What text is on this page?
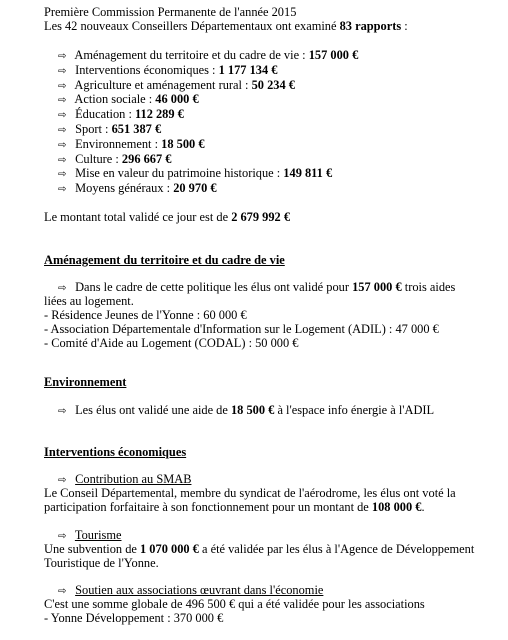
Première Commission Permanente de l'année 2015
Les 42 nouveaux Conseillers Départementaux ont examiné 83 rapports :
⇨ Aménagement du territoire et du cadre de vie : 157 000 €
⇨ Interventions économiques : 1 177 134 €
⇨ Agriculture et aménagement rural : 50 234 €
⇨ Action sociale : 46 000 €
⇨ Éducation : 112 289 €
⇨ Sport : 651 387 €
⇨ Environnement : 18 500 €
⇨ Culture : 296 667 €
⇨ Mise en valeur du patrimoine historique : 149 811 €
⇨ Moyens généraux : 20 970 €
Le montant total validé ce jour est de 2 679 992 €
Aménagement du territoire et du cadre de vie
⇨ Dans le cadre de cette politique les élus ont validé pour 157 000 € trois aides
liées au logement.
- Résidence Jeunes de l'Yonne : 60 000 €
- Association Départementale d'Information sur le Logement (ADIL) : 47 000 €
- Comité d'Aide au Logement (CODAL) : 50 000 €
Environnement
⇨ Les élus ont validé une aide de 18 500 € à l'espace info énergie à l'ADIL
Interventions économiques
⇨ Contribution au SMAB
Le Conseil Départemental, membre du syndicat de l'aérodrome, les élus ont voté la
participation forfaitaire à son fonctionnement pour un montant de 108 000 €.
⇨ Tourisme
Une subvention de 1 070 000 € a été validée par les élus à l'Agence de Développement
Touristique de l'Yonne.
⇨ Soutien aux associations œuvrant dans l'économie
C'est une somme globale de 496 500 € qui a été validée pour les associations
- Yonne Développement : 370 000 €
